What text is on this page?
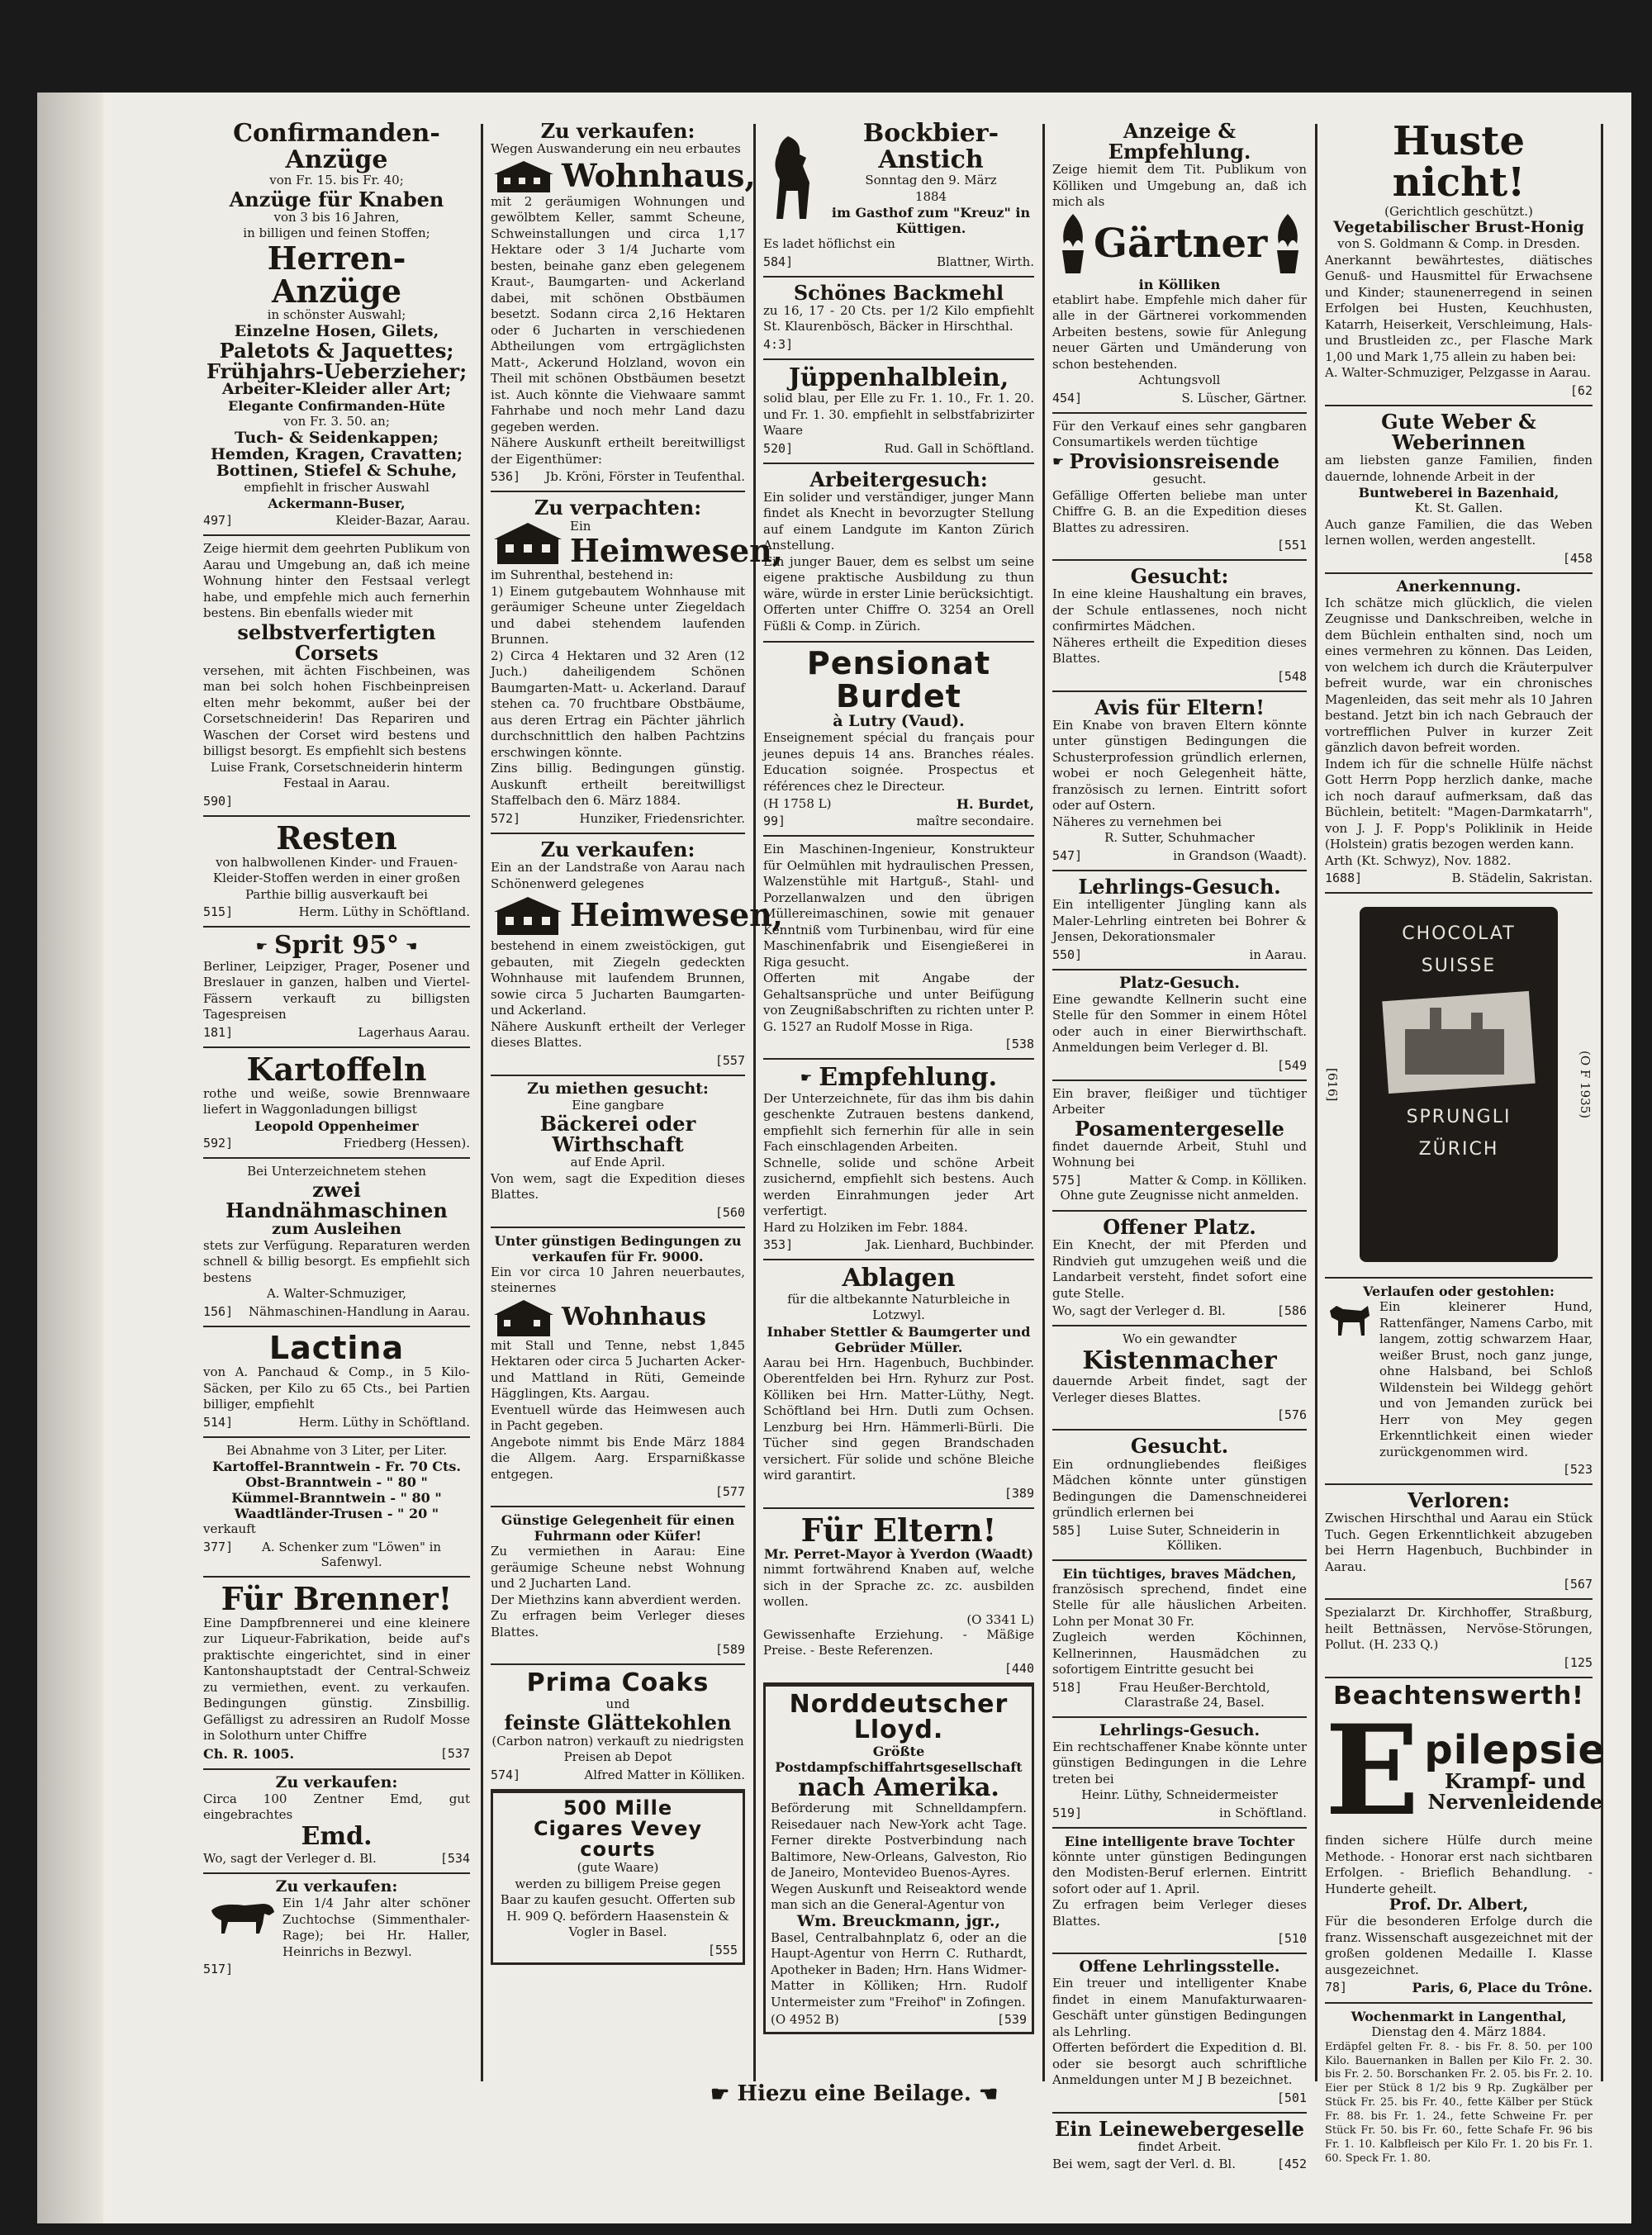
Confirmanden-Anzüge
von Fr. 15. bis Fr. 40;
Anzüge für Knaben
von 3 bis 16 Jahren,
in billigen und feinen Stoffen;
Herren-Anzüge
in schönster Auswahl;
Einzelne Hosen, Gilets,
Paletots & Jaquettes;
Frühjahrs-Ueberzieher;
Arbeiter-Kleider aller Art;
Elegante Confirmanden-Hüte
von Fr. 3. 50. an;
Tuch- & Seidenkappen;
Hemden, Kragen, Cravatten;
Bottinen, Stiefel & Schuhe,
empfiehlt in frischer Auswahl
Ackermann-Buser,
497]	Kleider-Bazar, Aarau.
Zeige hiermit dem geehrten Publikum von Aarau und Umgebung an, daß ich meine Wohnung hinter den Festsaal verlegt habe, und empfehle mich auch fernerhin bestens. Bin ebenfalls wieder mit
selbstverfertigten Corsets
versehen, mit ächten Fischbeinen, was man bei solch hohen Fischbeinpreisen elten mehr bekommt, außer bei der Corsetschneiderin! Das Repariren und Waschen der Corset wird bestens und billigst besorgt. Es empfiehlt sich bestens
Luise Frank, Corsetschneiderin hinterm Festaal in Aarau.
590]
Resten
von halbwollenen Kinder- und Frauen-Kleider-Stoffen werden in einer großen Parthie billig ausverkauft bei
515]	Herm. Lüthy in Schöftland.
☛ Sprit 95° ☚
Berliner, Leipziger, Prager, Posener und Breslauer in ganzen, halben und Viertel-Fässern verkauft zu billigsten Tagespreisen
181]	Lagerhaus Aarau.
Kartoffeln
rothe und weiße, sowie Brennwaare liefert in Waggonladungen billigst
Leopold Oppenheimer
592]	Friedberg (Hessen).
Bei Unterzeichnetem stehen
zwei Handnähmaschinen
zum Ausleihen
stets zur Verfügung. Reparaturen werden schnell & billig besorgt. Es empfiehlt sich bestens
A. Walter-Schmuziger,
156] Nähmaschinen-Handlung in Aarau.
Lactina
von A. Panchaud & Comp., in 5 Kilo-Säcken, per Kilo zu 65 Cts., bei Partien billiger, empfiehlt
514]	Herm. Lüthy in Schöftland.
Bei Abnahme von 3 Liter, per Liter.
Kartoffel-Branntwein - Fr. 70 Cts.
Obst-Branntwein - " 80 "
Kümmel-Branntwein - " 80 "
Waadtländer-Trusen - " 20 "
verkauft
377]	A. Schenker zum "Löwen" in Safenwyl.
Für Brenner!
Eine Dampfbrennerei und eine kleinere zur Liqueur-Fabrikation, beide auf's praktischte eingerichtet, sind in einer Kantonshauptstadt der Central-Schweiz zu vermiethen, event. zu verkaufen. Bedingungen günstig. Zinsbillig. Gefälligst zu adressiren an Rudolf Mosse in Solothurn unter Chiffre
Ch. R. 1005.	[537
Zu verkaufen:
Circa 100 Zentner Emd, gut eingebrachtes
Emd.
Wo, sagt der Verleger d. Bl.	[534
Zu verkaufen:
Ein 1/4 Jahr alter schöner Zuchtochse (Simmenthaler-Rage); bei Hr. Haller, Heinrichs in Bezwyl.
517]
Zu verkaufen:
Wegen Auswanderung ein neu erbautes
Wohnhaus,
mit 2 geräumigen Wohnungen und gewölbtem Keller, sammt Scheune, Schweinstallungen und circa 1,17 Hektare oder 3 1/4 Jucharte vom besten, beinahe ganz eben gelegenem Kraut-, Baumgarten- und Ackerland dabei, mit schönen Obstbäumen besetzt. Sodann circa 2,16 Hektaren oder 6 Jucharten in verschiedenen Abtheilungen vom ertrgäglichsten Matt-, Ackerund Holzland, wovon ein Theil mit schönen Obstbäumen besetzt ist. Auch könnte die Viehwaare sammt Fahrhabe und noch mehr Land dazu gegeben werden.
Nähere Auskunft ertheilt bereitwilligst der Eigenthümer:
536] Jb. Kröni, Förster in Teufenthal.
Zu verpachten:
Ein
Heimwesen,
im Suhrenthal, bestehend in:
1) Einem gutgebautem Wohnhause mit geräumiger Scheune unter Ziegeldach und dabei stehendem laufenden Brunnen.
2) Circa 4 Hektaren und 32 Aren (12 Juch.) daheiligendem Schönen Baumgarten-Matt- u. Ackerland. Darauf stehen ca. 70 fruchtbare Obstbäume, aus deren Ertrag ein Pächter jährlich durchschnittlich den halben Pachtzins erschwingen könnte.
Zins billig. Bedingungen günstig. Auskunft ertheilt bereitwilligst Staffelbach den 6. März 1884.
572]	Hunziker, Friedensrichter.
Zu verkaufen:
Ein an der Landstraße von Aarau nach Schönenwerd gelegenes
Heimwesen,
bestehend in einem zweistöckigen, gut gebauten, mit Ziegeln gedeckten Wohnhause mit laufendem Brunnen, sowie circa 5 Jucharten Baumgarten- und Ackerland.
Nähere Auskunft ertheilt der Verleger dieses Blattes.
[557
Zu miethen gesucht:
Eine gangbare
Bäckerei oder Wirthschaft
auf Ende April.
Von wem, sagt die Expedition dieses Blattes.
[560
Unter günstigen Bedingungen zu verkaufen für Fr. 9000.
Ein vor circa 10 Jahren neuerbautes, steinernes
Wohnhaus
mit Stall und Tenne, nebst 1,845 Hektaren oder circa 5 Jucharten Acker- und Mattland in Rüti, Gemeinde Hägglingen, Kts. Aargau.
Eventuell würde das Heimwesen auch in Pacht gegeben.
Angebote nimmt bis Ende März 1884 die Allgem. Aarg. Ersparnißkasse entgegen.
[577
Günstige Gelegenheit für einen Fuhrmann oder Küfer!
Zu vermiethen in Aarau: Eine geräumige Scheune nebst Wohnung und 2 Jucharten Land.
Der Miethzins kann abverdient werden.
Zu erfragen beim Verleger dieses Blattes.
[589
Prima Coaks
und
feinste Glättekohlen
(Carbon natron) verkauft zu niedrigsten Preisen ab Depot
574]	Alfred Matter in Kölliken.
500 Mille
Cigares Vevey courts
(gute Waare)
werden zu billigem Preise gegen Baar zu kaufen gesucht. Offerten sub H. 909 Q. befördern Haasenstein & Vogler in Basel.
[555
Bockbier-Anstich
Sonntag den 9. März
1884
im Gasthof zum "Kreuz" in Küttigen.
Es ladet höflichst ein
584]	Blattner, Wirth.
Schönes Backmehl
zu 16, 17 - 20 Cts. per 1/2 Kilo empfiehlt St. Klaurenbösch, Bäcker in Hirschthal.
4:3]
Jüppenhalblein,
solid blau, per Elle zu Fr. 1. 10., Fr. 1. 20. und Fr. 1. 30. empfiehlt in selbstfabrizirter Waare
520]	Rud. Gall in Schöftland.
Arbeitergesuch:
Ein solider und verständiger, junger Mann findet als Knecht in bevorzugter Stellung auf einem Landgute im Kanton Zürich Anstellung.
Ein junger Bauer, dem es selbst um seine eigene praktische Ausbildung zu thun wäre, würde in erster Linie berücksichtigt.
Offerten unter Chiffre O. 3254 an Orell Füßli & Comp. in Zürich.
Pensionat Burdet
à Lutry (Vaud).
Enseignement spécial du français pour jeunes depuis 14 ans. Branches réales. Education soignée. Prospectus et références chez le Directeur.
(H 1758 L)	H. Burdet,
99]	maître secondaire.
Ein Maschinen-Ingenieur, Konstrukteur für Oelmühlen mit hydraulischen Pressen, Walzenstühle mit Hartguß-, Stahl- und Porzellanwalzen und den übrigen Müllereimaschinen, sowie mit genauer Kenntniß vom Turbinenbau, wird für eine Maschinenfabrik und Eisengießerei in Riga gesucht.
Offerten mit Angabe der Gehaltsansprüche und unter Beifügung von Zeugnißabschriften zu richten unter P. G. 1527 an Rudolf Mosse in Riga.
[538
☛ Empfehlung.
Der Unterzeichnete, für das ihm bis dahin geschenkte Zutrauen bestens dankend, empfiehlt sich fernerhin für alle in sein Fach einschlagenden Arbeiten.
Schnelle, solide und schöne Arbeit zusichernd, empfiehlt sich bestens. Auch werden Einrahmungen jeder Art verfertigt.
Hard zu Holziken im Febr. 1884.
353]	Jak. Lienhard, Buchbinder.
Ablagen
für die altbekannte Naturbleiche in Lotzwyl.
Inhaber Stettler & Baumgerter und Gebrüder Müller.
Aarau bei Hrn. Hagenbuch, Buchbinder. Oberentfelden bei Hrn. Ryhurz zur Post. Kölliken bei Hrn. Matter-Lüthy, Negt. Schöftland bei Hrn. Dutli zum Ochsen. Lenzburg bei Hrn. Hämmerli-Bürli. Die Tücher sind gegen Brandschaden versichert. Für solide und schöne Bleiche wird garantirt.
[389
Für Eltern!
Mr. Perret-Mayor à Yverdon (Waadt)
nimmt fortwährend Knaben auf, welche sich in der Sprache zc. zc. ausbilden wollen.
(O 3341 L)
Gewissenhafte Erziehung. - Mäßige Preise. - Beste Referenzen.
[440
Norddeutscher Lloyd.
Größte
Postdampfschiffahrtsgesellschaft
nach Amerika.
Beförderung mit Schnelldampfern. Reisedauer nach New-York acht Tage. Ferner direkte Postverbindung nach Baltimore, New-Orleans, Galveston, Rio de Janeiro, Montevideo Buenos-Ayres.
Wegen Auskunft und Reiseaktord wende man sich an die General-Agentur von
Wm. Breuckmann, jgr.,
Basel, Centralbahnplatz 6, oder an die Haupt-Agentur von Herrn C. Ruthardt, Apotheker in Baden; Hrn. Hans Widmer-Matter in Kölliken; Hrn. Rudolf Untermeister zum "Freihof" in Zofingen.
(O 4952 B)	[539
Anzeige & Empfehlung.
Zeige hiemit dem Tit. Publikum von Kölliken und Umgebung an, daß ich mich als
Gärtner
in Kölliken
etablirt habe. Empfehle mich daher für alle in der Gärtnerei vorkommenden Arbeiten bestens, sowie für Anlegung neuer Gärten und Umänderung von schon bestehenden.
Achtungsvoll
454]	S. Lüscher, Gärtner.
Für den Verkauf eines sehr gangbaren Consumartikels werden tüchtige
☛ Provisionsreisende
gesucht.
Gefällige Offerten beliebe man unter Chiffre G. B. an die Expedition dieses Blattes zu adressiren.
[551
Gesucht:
In eine kleine Haushaltung ein braves, der Schule entlassenes, noch nicht confirmirtes Mädchen.
Näheres ertheilt die Expedition dieses Blattes.
[548
Avis für Eltern!
Ein Knabe von braven Eltern könnte unter günstigen Bedingungen die Schusterprofession gründlich erlernen, wobei er noch Gelegenheit hätte, französisch zu lernen. Eintritt sofort oder auf Ostern.
Näheres zu vernehmen bei
R. Sutter, Schuhmacher
547]	in Grandson (Waadt).
Lehrlings-Gesuch.
Ein intelligenter Jüngling kann als Maler-Lehrling eintreten bei Bohrer & Jensen, Dekorationsmaler
550]	in Aarau.
Platz-Gesuch.
Eine gewandte Kellnerin sucht eine Stelle für den Sommer in einem Hôtel oder auch in einer Bierwirthschaft. Anmeldungen beim Verleger d. Bl.
[549
Ein braver, fleißiger und tüchtiger Arbeiter
Posamentergeselle
findet dauernde Arbeit, Stuhl und Wohnung bei
575]	Matter & Comp. in Kölliken.
Ohne gute Zeugnisse nicht anmelden.
Offener Platz.
Ein Knecht, der mit Pferden und Rindvieh gut umzugehen weiß und die Landarbeit versteht, findet sofort eine gute Stelle.
Wo, sagt der Verleger d. Bl.	[586
Wo ein gewandter
Kistenmacher
dauernde Arbeit findet, sagt der Verleger dieses Blattes.
[576
Gesucht.
Ein ordnungliebendes fleißiges Mädchen könnte unter günstigen Bedingungen die Damenschneiderei gründlich erlernen bei
585]	Luise Suter, Schneiderin in Kölliken.
Ein tüchtiges, braves Mädchen,
französisch sprechend, findet eine Stelle für alle häuslichen Arbeiten. Lohn per Monat 30 Fr.
Zugleich werden Köchinnen, Kellnerinnen, Hausmädchen zu sofortigem Eintritte gesucht bei
518]	Frau Heußer-Berchtold, Clarastraße 24, Basel.
Lehrlings-Gesuch.
Ein rechtschaffener Knabe könnte unter günstigen Bedingungen in die Lehre treten bei
Heinr. Lüthy, Schneidermeister
519]	in Schöftland.
Eine intelligente brave Tochter
könnte unter günstigen Bedingungen den Modisten-Beruf erlernen. Eintritt sofort oder auf 1. April.
Zu erfragen beim Verleger dieses Blattes.
[510
Offene Lehrlingsstelle.
Ein treuer und intelligenter Knabe findet in einem Manufakturwaaren-Geschäft unter günstigen Bedingungen als Lehrling.
Offerten befördert die Expedition d. Bl. oder sie besorgt auch schriftliche Anmeldungen unter M J B bezeichnet.
[501
Ein Leinewebergeselle
findet Arbeit.
Bei wem, sagt der Verl. d. Bl.	[452
Huste nicht!
(Gerichtlich geschützt.)
Vegetabilischer Brust-Honig
von S. Goldmann & Comp. in Dresden.
Anerkannt bewährtestes, diätisches Genuß- und Hausmittel für Erwachsene und Kinder; staunenerregend in seinen Erfolgen bei Husten, Keuchhusten, Katarrh, Heiserkeit, Verschleimung, Hals- und Brustleiden zc., per Flasche Mark 1,00 und Mark 1,75 allein zu haben bei:
A. Walter-Schmuziger, Pelzgasse in Aarau.
[62
Gute Weber & Weberinnen
am liebsten ganze Familien, finden dauernde, lohnende Arbeit in der
Buntweberei in Bazenhaid,
Kt. St. Gallen.
Auch ganze Familien, die das Weben lernen wollen, werden angestellt.
[458
Anerkennung.
Ich schätze mich glücklich, die vielen Zeugnisse und Dankschreiben, welche in dem Büchlein enthalten sind, noch um eines vermehren zu können. Das Leiden, von welchem ich durch die Kräuterpulver befreit wurde, war ein chronisches Magenleiden, das seit mehr als 10 Jahren bestand. Jetzt bin ich nach Gebrauch der vortrefflichen Pulver in kurzer Zeit gänzlich davon befreit worden.
Indem ich für die schnelle Hülfe nächst Gott Herrn Popp herzlich danke, mache ich noch darauf aufmerksam, daß das Büchlein, betitelt: "Magen-Darmkatarrh", von J. J. F. Popp's Poliklinik in Heide (Holstein) gratis bezogen werden kann.
Arth (Kt. Schwyz), Nov. 1882.
1688]	B. Städelin, Sakristan.
[616]
CHOCOLAT
SUISSE
SPRUNGLI
ZÜRICH
(O F 1935)
Verlaufen oder gestohlen:
Ein kleinerer Hund, Rattenfänger, Namens Carbo, mit langem, zottig schwarzem Haar, weißer Brust, noch ganz junge, ohne Halsband, bei Schloß Wildenstein bei Wildegg gehört und von Jemanden zurück bei Herr von Mey gegen Erkenntlichkeit einen wieder zurückgenommen wird.
[523
Verloren:
Zwischen Hirschthal und Aarau ein Stück Tuch. Gegen Erkenntlichkeit abzugeben bei Herrn Hagenbuch, Buchbinder in Aarau.
[567
Spezialarzt Dr. Kirchhoffer, Straßburg, heilt Bettnässen, Nervöse-Störungen, Pollut. (H. 233 Q.)
[125
Beachtenswerth!
E pilepsie
Krampf- und Nervenleidende
finden sichere Hülfe durch meine Methode. - Honorar erst nach sichtbaren Erfolgen. - Brieflich Behandlung. - Hunderte geheilt.
Prof. Dr. Albert,
Für die besonderen Erfolge durch die franz. Wissenschaft ausgezeichnet mit der großen goldenen Medaille I. Klasse ausgezeichnet.
78]	Paris, 6, Place du Trône.
Wochenmarkt in Langenthal,
Dienstag den 4. März 1884.
Erdäpfel gelten Fr. 8. - bis Fr. 8. 50. per 100 Kilo. Bauernanken in Ballen per Kilo Fr. 2. 30. bis Fr. 2. 50. Borschanken Fr. 2. 05. bis Fr. 2. 10. Eier per Stück 8 1/2 bis 9 Rp. Zugkälber per Stück Fr. 25. bis Fr. 40., fette Kälber per Stück Fr. 88. bis Fr. 1. 24., fette Schweine Fr. per Stück Fr. 50. bis Fr. 60., fette Schafe Fr. 96 bis Fr. 1. 10. Kalbfleisch per Kilo Fr. 1. 20 bis Fr. 1. 60. Speck Fr. 1. 80.
☛ Hiezu eine Beilage. ☚
